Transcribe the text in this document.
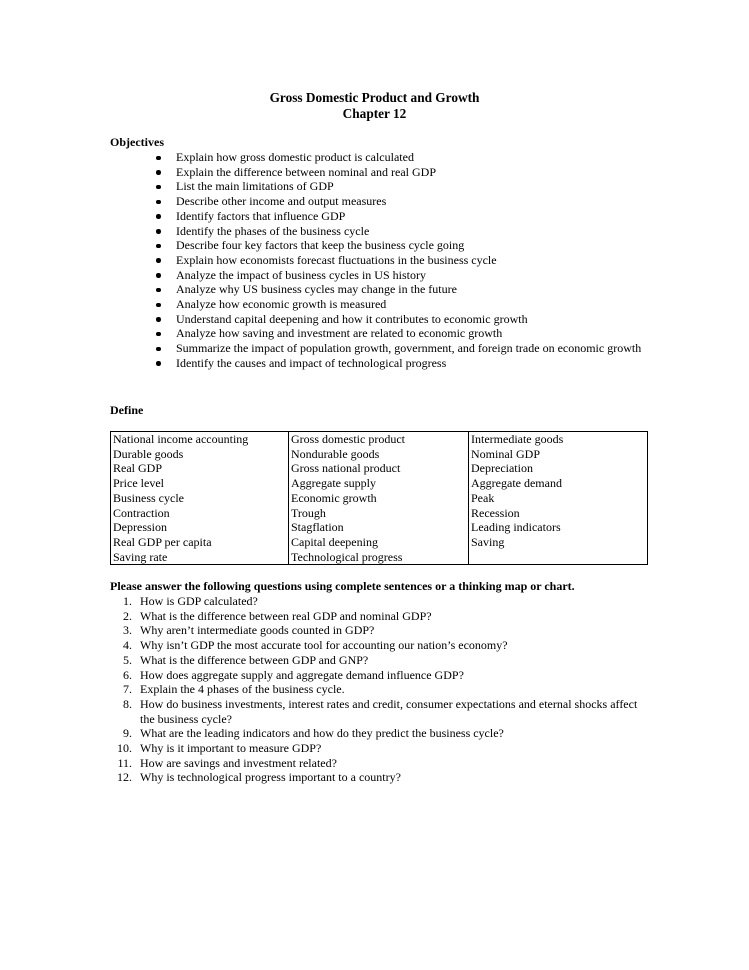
Gross Domestic Product and Growth
Chapter 12
Objectives
Explain how gross domestic product is calculated
Explain the difference between nominal and real GDP
List the main limitations of GDP
Describe other income and output measures
Identify factors that influence GDP
Identify the phases of the business cycle
Describe four key factors that keep the business cycle going
Explain how economists forecast fluctuations in the business cycle
Analyze the impact of business cycles in US history
Analyze why US business cycles may change in the future
Analyze how economic growth is measured
Understand capital deepening and how it contributes to economic growth
Analyze how saving and investment are related to economic growth
Summarize the impact of population growth, government, and foreign trade on economic growth
Identify the causes and impact of technological progress
Define
National income accounting	Gross domestic product	Intermediate goods
Durable goods	Nondurable goods	Nominal GDP
Real GDP	Gross national product	Depreciation
Price level	Aggregate supply	Aggregate demand
Business cycle	Economic growth	Peak
Contraction	Trough	Recession
Depression	Stagflation	Leading indicators
Real GDP per capita	Capital deepening	Saving
Saving rate	Technological progress	
Please answer the following questions using complete sentences or a thinking map or chart.
1. How is GDP calculated?
2. What is the difference between real GDP and nominal GDP?
3. Why aren’t intermediate goods counted in GDP?
4. Why isn’t GDP the most accurate tool for accounting our nation’s economy?
5. What is the difference between GDP and GNP?
6. How does aggregate supply and aggregate demand influence GDP?
7. Explain the 4 phases of the business cycle.
8. How do business investments, interest rates and credit, consumer expectations and eternal shocks affect the business cycle?
9. What are the leading indicators and how do they predict the business cycle?
10. Why is it important to measure GDP?
11. How are savings and investment related?
12. Why is technological progress important to a country?
